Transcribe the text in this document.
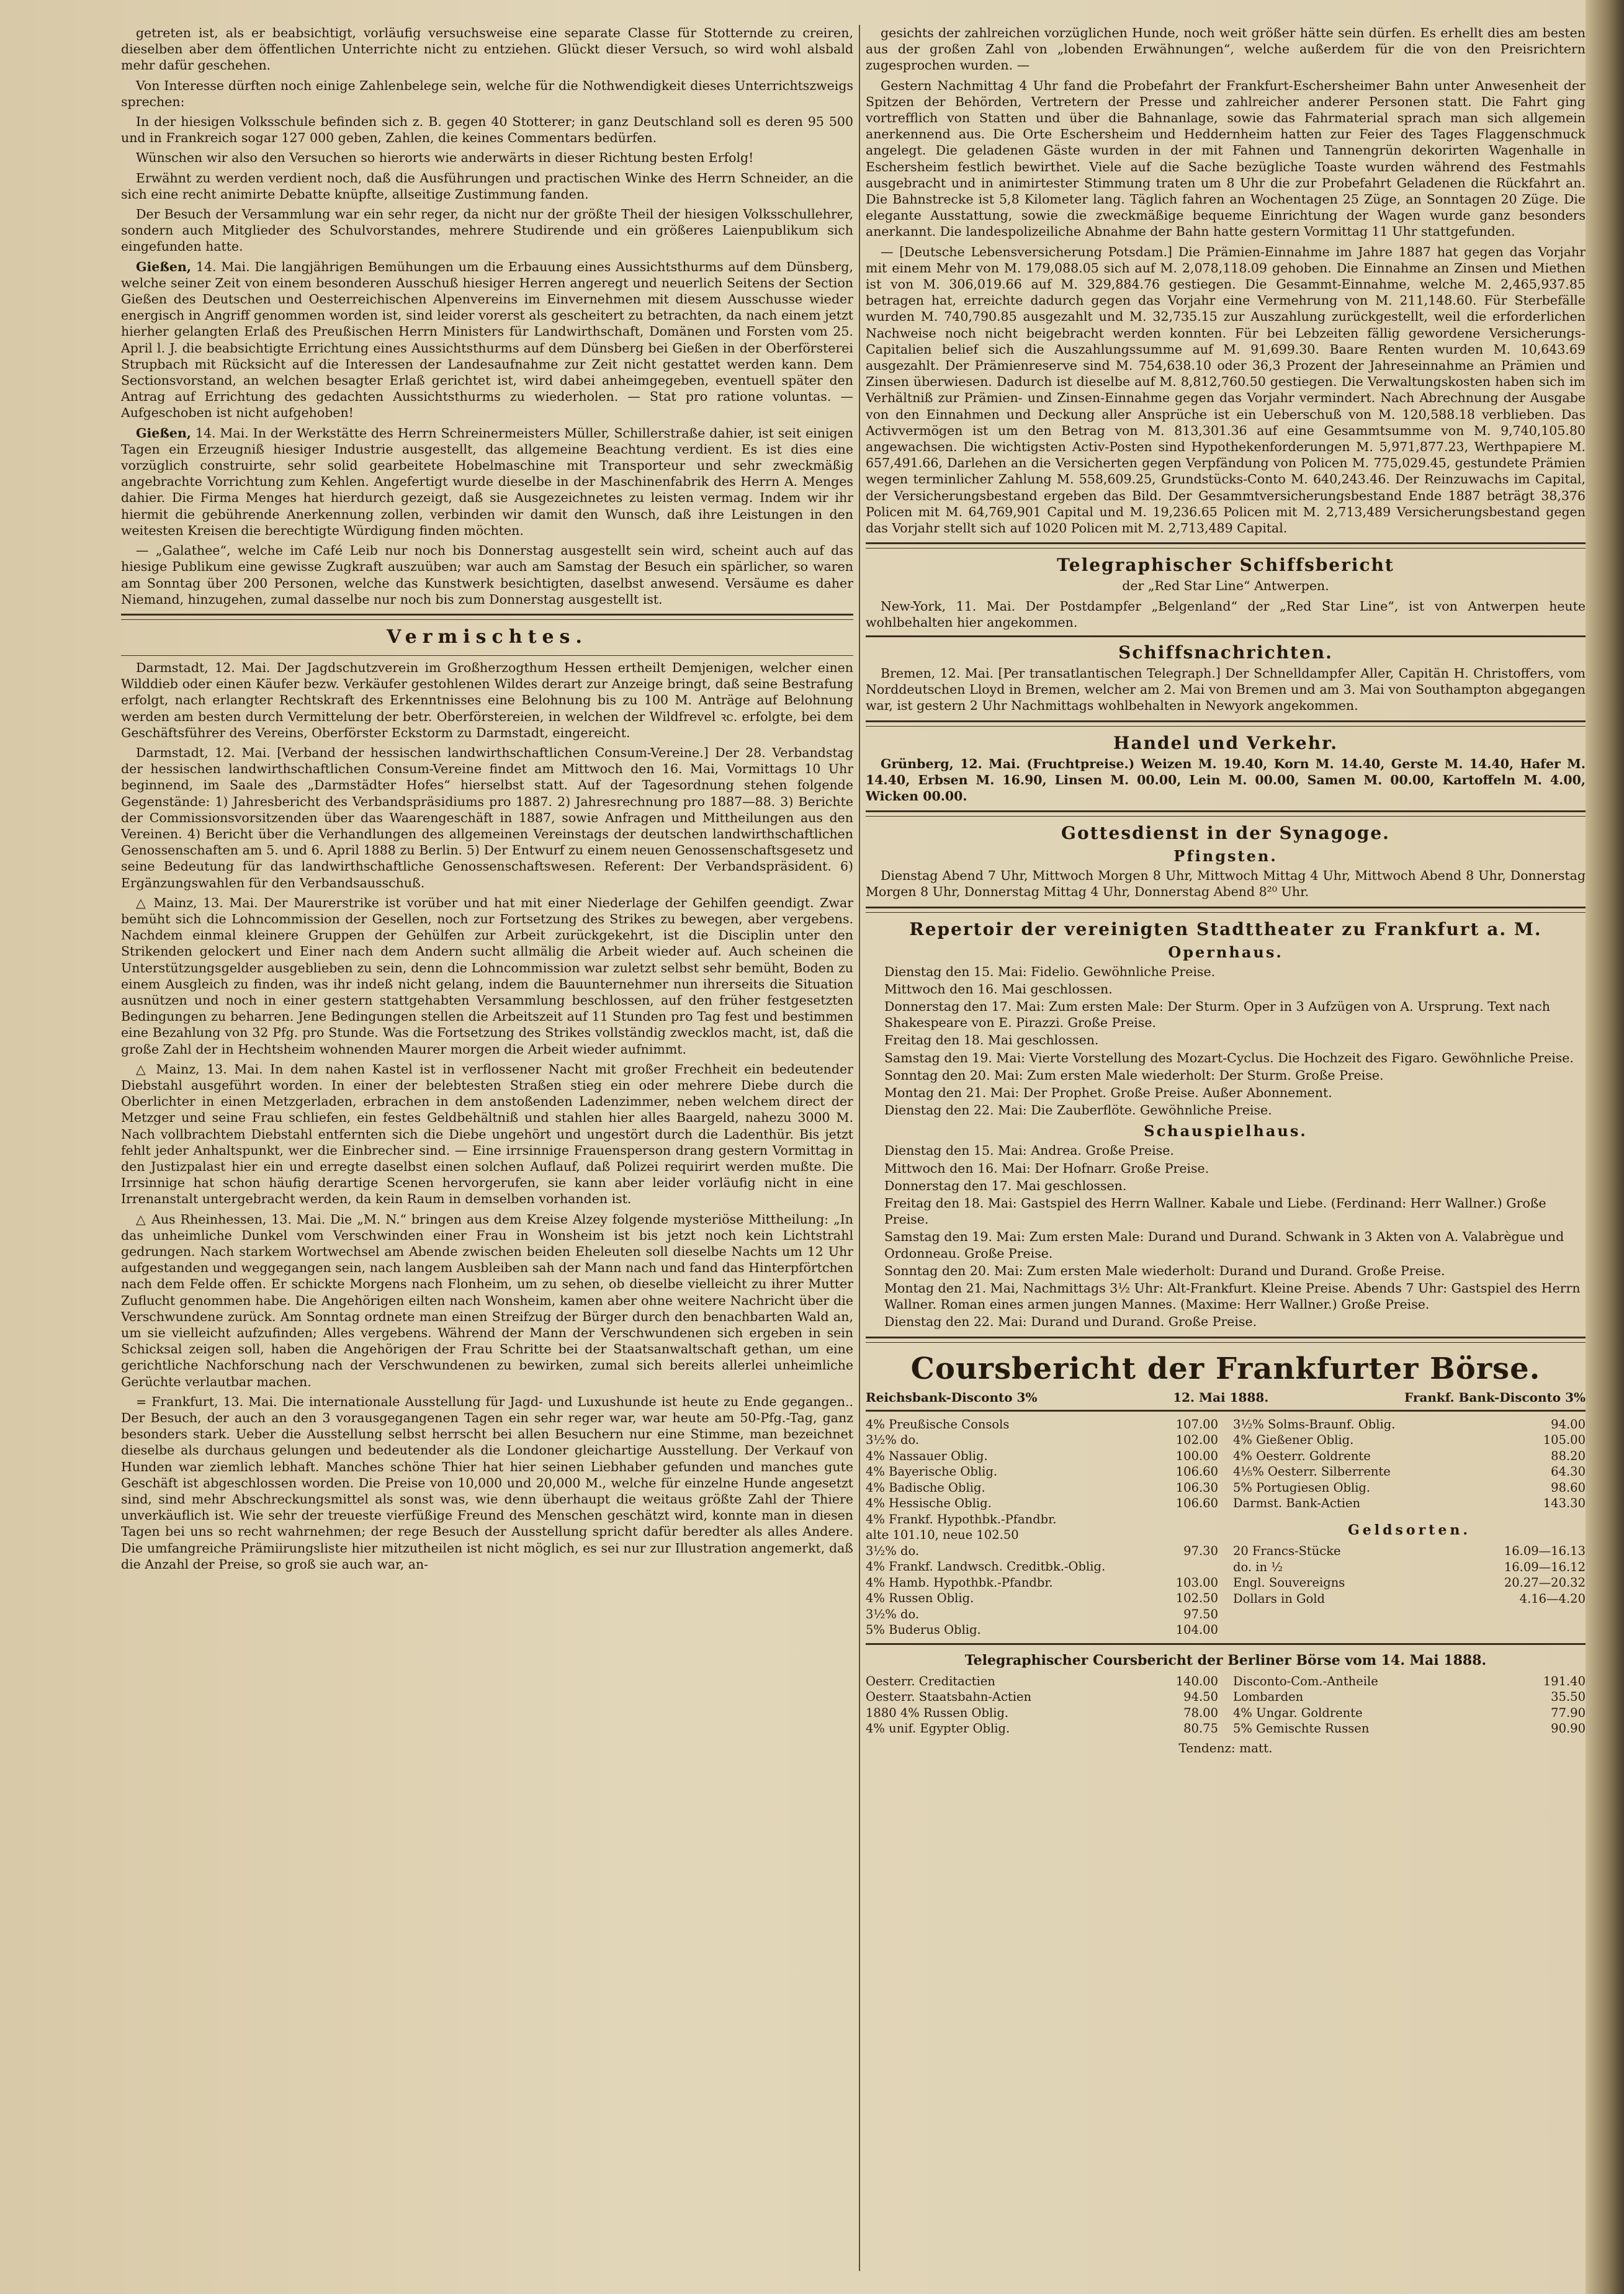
getreten ist, als er beabsichtigt, vorläufig versuchsweise eine separate Classe für Stotternde zu creiren, dieselben aber dem öffentlichen Unterrichte nicht zu entziehen. Glückt dieser Versuch, so wird wohl alsbald mehr dafür geschehen.

Von Interesse dürften noch einige Zahlenbelege sein, welche für die Nothwendigkeit dieses Unterrichtszweigs sprechen:

In der hiesigen Volksschule befinden sich z. B. gegen 40 Stotterer; in ganz Deutschland soll es deren 95 500 und in Frankreich sogar 127 000 geben, Zahlen, die keines Commentars bedürfen.

Wünschen wir also den Versuchen so hierorts wie anderwärts in dieser Richtung besten Erfolg!

Erwähnt zu werden verdient noch, daß die Ausführungen und practischen Winke des Herrn Schneider, an die sich eine recht animirte Debatte knüpfte, allseitige Zustimmung fanden.

Der Besuch der Versammlung war ein sehr reger, da nicht nur der größte Theil der hiesigen Volksschullehrer, sondern auch Mitglieder des Schulvorstandes, mehrere Studirende und ein größeres Laienpublikum sich eingefunden hatte.

Gießen, 14. Mai. Die langjährigen Bemühungen um die Erbauung eines Aussichtsthurms auf dem Dünsberg, welche seiner Zeit von einem besonderen Ausschuß hiesiger Herren angeregt und neuerlich Seitens der Section Gießen des Deutschen und Oesterreichischen Alpenvereins im Einvernehmen mit diesem Ausschusse wieder energisch in Angriff genommen worden ist, sind leider vorerst als gescheitert zu betrachten, da nach einem jetzt hierher gelangten Erlaß des Preußischen Herrn Ministers für Landwirthschaft, Domänen und Forsten vom 25. April l. J. die beabsichtigte Errichtung eines Aussichtsthurms auf dem Dünsberg bei Gießen in der Oberförsterei Strupbach mit Rücksicht auf die Interessen der Landesaufnahme zur Zeit nicht gestattet werden kann. Dem Sectionsvorstand, an welchen besagter Erlaß gerichtet ist, wird dabei anheimgegeben, eventuell später den Antrag auf Errichtung des gedachten Aussichtsthurms zu wiederholen. — Stat pro ratione voluntas. — Aufgeschoben ist nicht aufgehoben!

Gießen, 14. Mai. In der Werkstätte des Herrn Schreinermeisters Müller, Schillerstraße dahier, ist seit einigen Tagen ein Erzeugniß hiesiger Industrie ausgestellt, das allgemeine Beachtung verdient. Es ist dies eine vorzüglich construirte, sehr solid gearbeitete Hobelmaschine mit Transporteur und sehr zweckmäßig angebrachte Vorrichtung zum Kehlen. Angefertigt wurde dieselbe in der Maschinenfabrik des Herrn A. Menges dahier. Die Firma Menges hat hierdurch gezeigt, daß sie Ausgezeichnetes zu leisten vermag. Indem wir ihr hiermit die gebührende Anerkennung zollen, verbinden wir damit den Wunsch, daß ihre Leistungen in den weitesten Kreisen die berechtigte Würdigung finden möchten.

— „Galathee“, welche im Café Leib nur noch bis Donnerstag ausgestellt sein wird, scheint auch auf das hiesige Publikum eine gewisse Zugkraft auszuüben; war auch am Samstag der Besuch ein spärlicher, so waren am Sonntag über 200 Personen, welche das Kunstwerk besichtigten, daselbst anwesend. Versäume es daher Niemand, hinzugehen, zumal dasselbe nur noch bis zum Donnerstag ausgestellt ist.

Vermischtes.

Darmstadt, 12. Mai. Der Jagdschutzverein im Großherzogthum Hessen ertheilt Demjenigen, welcher einen Wilddieb oder einen Käufer bezw. Verkäufer gestohlenen Wildes derart zur Anzeige bringt, daß seine Bestrafung erfolgt, nach erlangter Rechtskraft des Erkenntnisses eine Belohnung bis zu 100 M. Anträge auf Belohnung werden am besten durch Vermittelung der betr. Oberförstereien, in welchen der Wildfrevel ꝛc. erfolgte, bei dem Geschäftsführer des Vereins, Oberförster Eckstorm zu Darmstadt, eingereicht.

Darmstadt, 12. Mai. [Verband der hessischen landwirthschaftlichen Consum-Vereine.] Der 28. Verbandstag der hessischen landwirthschaftlichen Consum-Vereine findet am Mittwoch den 16. Mai, Vormittags 10 Uhr beginnend, im Saale des „Darmstädter Hofes“ hierselbst statt. Auf der Tagesordnung stehen folgende Gegenstände: 1) Jahresbericht des Verbandspräsidiums pro 1887. 2) Jahresrechnung pro 1887—88. 3) Berichte der Commissionsvorsitzenden über das Waarengeschäft in 1887, sowie Anfragen und Mittheilungen aus den Vereinen. 4) Bericht über die Verhandlungen des allgemeinen Vereinstags der deutschen landwirthschaftlichen Genossenschaften am 5. und 6. April 1888 zu Berlin. 5) Der Entwurf zu einem neuen Genossenschaftsgesetz und seine Bedeutung für das landwirthschaftliche Genossenschaftswesen. Referent: Der Verbandspräsident. 6) Ergänzungswahlen für den Verbandsausschuß.

△ Mainz, 13. Mai. Der Maurerstrike ist vorüber und hat mit einer Niederlage der Gehilfen geendigt. Zwar bemüht sich die Lohncommission der Gesellen, noch zur Fortsetzung des Strikes zu bewegen, aber vergebens. Nachdem einmal kleinere Gruppen der Gehülfen zur Arbeit zurückgekehrt, ist die Disciplin unter den Strikenden gelockert und Einer nach dem Andern sucht allmälig die Arbeit wieder auf. Auch scheinen die Unterstützungsgelder ausgeblieben zu sein, denn die Lohncommission war zuletzt selbst sehr bemüht, Boden zu einem Ausgleich zu finden, was ihr indeß nicht gelang, indem die Bauunternehmer nun ihrerseits die Situation ausnützen und noch in einer gestern stattgehabten Versammlung beschlossen, auf den früher festgesetzten Bedingungen zu beharren. Jene Bedingungen stellen die Arbeitszeit auf 11 Stunden pro Tag fest und bestimmen eine Bezahlung von 32 Pfg. pro Stunde. Was die Fortsetzung des Strikes vollständig zwecklos macht, ist, daß die große Zahl der in Hechtsheim wohnenden Maurer morgen die Arbeit wieder aufnimmt.

△ Mainz, 13. Mai. In dem nahen Kastel ist in verflossener Nacht mit großer Frechheit ein bedeutender Diebstahl ausgeführt worden. In einer der belebtesten Straßen stieg ein oder mehrere Diebe durch die Oberlichter in einen Metzgerladen, erbrachen in dem anstoßenden Ladenzimmer, neben welchem direct der Metzger und seine Frau schliefen, ein festes Geldbehältniß und stahlen hier alles Baargeld, nahezu 3000 M. Nach vollbrachtem Diebstahl entfernten sich die Diebe ungehört und ungestört durch die Ladenthür. Bis jetzt fehlt jeder Anhaltspunkt, wer die Einbrecher sind. — Eine irrsinnige Frauensperson drang gestern Vormittag in den Justizpalast hier ein und erregte daselbst einen solchen Auflauf, daß Polizei requirirt werden mußte. Die Irrsinnige hat schon häufig derartige Scenen hervorgerufen, sie kann aber leider vorläufig nicht in eine Irrenanstalt untergebracht werden, da kein Raum in demselben vorhanden ist.

△ Aus Rheinhessen, 13. Mai. Die „M. N.“ bringen aus dem Kreise Alzey folgende mysteriöse Mittheilung: „In das unheimliche Dunkel vom Verschwinden einer Frau in Wonsheim ist bis jetzt noch kein Lichtstrahl gedrungen. Nach starkem Wortwechsel am Abende zwischen beiden Eheleuten soll dieselbe Nachts um 12 Uhr aufgestanden und weggegangen sein, nach langem Ausbleiben sah der Mann nach und fand das Hinterpförtchen nach dem Felde offen. Er schickte Morgens nach Flonheim, um zu sehen, ob dieselbe vielleicht zu ihrer Mutter Zuflucht genommen habe. Die Angehörigen eilten nach Wonsheim, kamen aber ohne weitere Nachricht über die Verschwundene zurück. Am Sonntag ordnete man einen Streifzug der Bürger durch den benachbarten Wald an, um sie vielleicht aufzufinden; Alles vergebens. Während der Mann der Verschwundenen sich ergeben in sein Schicksal zeigen soll, haben die Angehörigen der Frau Schritte bei der Staatsanwaltschaft gethan, um eine gerichtliche Nachforschung nach der Verschwundenen zu bewirken, zumal sich bereits allerlei unheimliche Gerüchte verlautbar machen.

= Frankfurt, 13. Mai. Die internationale Ausstellung für Jagd- und Luxushunde ist heute zu Ende gegangen.. Der Besuch, der auch an den 3 vorausgegangenen Tagen ein sehr reger war, war heute am 50-Pfg.-Tag, ganz besonders stark. Ueber die Ausstellung selbst herrscht bei allen Besuchern nur eine Stimme, man bezeichnet dieselbe als durchaus gelungen und bedeutender als die Londoner gleichartige Ausstellung. Der Verkauf von Hunden war ziemlich lebhaft. Manches schöne Thier hat hier seinen Liebhaber gefunden und manches gute Geschäft ist abgeschlossen worden. Die Preise von 10,000 und 20,000 M., welche für einzelne Hunde angesetzt sind, sind mehr Abschreckungsmittel als sonst was, wie denn überhaupt die weitaus größte Zahl der Thiere unverkäuflich ist. Wie sehr der treueste vierfüßige Freund des Menschen geschätzt wird, konnte man in diesen Tagen bei uns so recht wahrnehmen; der rege Besuch der Ausstellung spricht dafür beredter als alles Andere. Die umfangreiche Prämiirungsliste hier mitzutheilen ist nicht möglich, es sei nur zur Illustration angemerkt, daß die Anzahl der Preise, so groß sie auch war, an-

gesichts der zahlreichen vorzüglichen Hunde, noch weit größer hätte sein dürfen. Es erhellt dies am besten aus der großen Zahl von „lobenden Erwähnungen“, welche außerdem für die von den Preisrichtern zugesprochen wurden. —

Gestern Nachmittag 4 Uhr fand die Probefahrt der Frankfurt-Eschersheimer Bahn unter Anwesenheit der Spitzen der Behörden, Vertretern der Presse und zahlreicher anderer Personen statt. Die Fahrt ging vortrefflich von Statten und über die Bahnanlage, sowie das Fahrmaterial sprach man sich allgemein anerkennend aus. Die Orte Eschersheim und Heddernheim hatten zur Feier des Tages Flaggenschmuck angelegt. Die geladenen Gäste wurden in der mit Fahnen und Tannengrün dekorirten Wagenhalle in Eschersheim festlich bewirthet. Viele auf die Sache bezügliche Toaste wurden während des Festmahls ausgebracht und in animirtester Stimmung traten um 8 Uhr die zur Probefahrt Geladenen die Rückfahrt an. Die Bahnstrecke ist 5,8 Kilometer lang. Täglich fahren an Wochentagen 25 Züge, an Sonntagen 20 Züge. Die elegante Ausstattung, sowie die zweckmäßige bequeme Einrichtung der Wagen wurde ganz besonders anerkannt. Die landespolizeiliche Abnahme der Bahn hatte gestern Vormittag 11 Uhr stattgefunden.

— [Deutsche Lebensversicherung Potsdam.] Die Prämien-Einnahme im Jahre 1887 hat gegen das Vorjahr mit einem Mehr von M. 179,088.05 sich auf M. 2,078,118.09 gehoben. Die Einnahme an Zinsen und Miethen ist von M. 306,019.66 auf M. 329,884.76 gestiegen. Die Gesammt-Einnahme, welche M. 2,465,937.85 betragen hat, erreichte dadurch gegen das Vorjahr eine Vermehrung von M. 211,148.60. Für Sterbefälle wurden M. 740,790.85 ausgezahlt und M. 32,735.15 zur Auszahlung zurückgestellt, weil die erforderlichen Nachweise noch nicht beigebracht werden konnten. Für bei Lebzeiten fällig gewordene Versicherungs-Capitalien belief sich die Auszahlungssumme auf M. 91,699.30. Baare Renten wurden M. 10,643.69 ausgezahlt. Der Prämienreserve sind M. 754,638.10 oder 36,3 Prozent der Jahreseinnahme an Prämien und Zinsen überwiesen. Dadurch ist dieselbe auf M. 8,812,760.50 gestiegen. Die Verwaltungskosten haben sich im Verhältniß zur Prämien- und Zinsen-Einnahme gegen das Vorjahr vermindert. Nach Abrechnung der Ausgabe von den Einnahmen und Deckung aller Ansprüche ist ein Ueberschuß von M. 120,588.18 verblieben. Das Activvermögen ist um den Betrag von M. 813,301.36 auf eine Gesammtsumme von M. 9,740,105.80 angewachsen. Die wichtigsten Activ-Posten sind Hypothekenforderungen M. 5,971,877.23, Werthpapiere M. 657,491.66, Darlehen an die Versicherten gegen Verpfändung von Policen M. 775,029.45, gestundete Prämien wegen terminlicher Zahlung M. 558,609.25, Grundstücks-Conto M. 640,243.46. Der Reinzuwachs im Capital, der Versicherungsbestand ergeben das Bild. Der Gesammtversicherungsbestand Ende 1887 beträgt 38,376 Policen mit M. 64,769,901 Capital und M. 19,236.65 Policen mit M. 2,713,489 Versicherungsbestand gegen das Vorjahr stellt sich auf 1020 Policen mit M. 2,713,489 Capital.

Telegraphischer Schiffsbericht

der „Red Star Line“ Antwerpen.

New-York, 11. Mai. Der Postdampfer „Belgenland“ der „Red Star Line“, ist von Antwerpen heute wohlbehalten hier angekommen.

Schiffsnachrichten.

Bremen, 12. Mai. [Per transatlantischen Telegraph.] Der Schnelldampfer Aller, Capitän H. Christoffers, vom Norddeutschen Lloyd in Bremen, welcher am 2. Mai von Bremen und am 3. Mai von Southampton abgegangen war, ist gestern 2 Uhr Nachmittags wohlbehalten in Newyork angekommen.

Handel und Verkehr.

Grünberg, 12. Mai. (Fruchtpreise.) Weizen M. 19.40, Korn M. 14.40, Gerste M. 14.40, Hafer M. 14.40, Erbsen M. 16.90, Linsen M. 00.00, Lein M. 00.00, Samen M. 00.00, Kartoffeln M. 4.00, Wicken 00.00.

Gottesdienst in der Synagoge.
Pfingsten.

Dienstag Abend 7 Uhr, Mittwoch Morgen 8 Uhr, Mittwoch Mittag 4 Uhr, Mittwoch Abend 8 Uhr, Donnerstag Morgen 8 Uhr, Donnerstag Mittag 4 Uhr, Donnerstag Abend 8²⁰ Uhr.

Repertoir der vereinigten Stadttheater zu Frankfurt a. M.
Opernhaus.
Dienstag den 15. Mai: Fidelio. Gewöhnliche Preise.
Mittwoch den 16. Mai geschlossen.
Donnerstag den 17. Mai: Zum ersten Male: Der Sturm. Oper in 3 Aufzügen von A. Ursprung. Text nach Shakespeare von E. Pirazzi. Große Preise.
Freitag den 18. Mai geschlossen.
Samstag den 19. Mai: Vierte Vorstellung des Mozart-Cyclus. Die Hochzeit des Figaro. Gewöhnliche Preise.
Sonntag den 20. Mai: Zum ersten Male wiederholt: Der Sturm. Große Preise.
Montag den 21. Mai: Der Prophet. Große Preise. Außer Abonnement.
Dienstag den 22. Mai: Die Zauberflöte. Gewöhnliche Preise.
Schauspielhaus.
Dienstag den 15. Mai: Andrea. Große Preise.
Mittwoch den 16. Mai: Der Hofnarr. Große Preise.
Donnerstag den 17. Mai geschlossen.
Freitag den 18. Mai: Gastspiel des Herrn Wallner. Kabale und Liebe. (Ferdinand: Herr Wallner.) Große Preise.
Samstag den 19. Mai: Zum ersten Male: Durand und Durand. Schwank in 3 Akten von A. Valabrègue und Ordonneau. Große Preise.
Sonntag den 20. Mai: Zum ersten Male wiederholt: Durand und Durand. Große Preise.
Montag den 21. Mai, Nachmittags 3½ Uhr: Alt-Frankfurt. Kleine Preise. Abends 7 Uhr: Gastspiel des Herrn Wallner. Roman eines armen jungen Mannes. (Maxime: Herr Wallner.) Große Preise.
Dienstag den 22. Mai: Durand und Durand. Große Preise.
Coursbericht der Frankfurter Börse.
Reichsbank-Disconto 3%	12. Mai 1888.	Frankf. Bank-Disconto 3%
4% Preußische Consols	107.00
3½% do.	102.00
4% Nassauer Oblig.	100.00
4% Bayerische Oblig.	106.60
4% Badische Oblig.	106.30
4% Hessische Oblig.	106.60
4% Frankf. Hypothbk.-Pfandbr.
alte 101.10, neue 102.50
3½% do.	97.30
4% Frankf. Landwsch. Creditbk.-Oblig.
4% Hamb. Hypothbk.-Pfandbr.	103.00
4% Russen Oblig.	102.50
3½% do.	97.50
5% Buderus Oblig.	104.00
3½% Solms-Braunf. Oblig.	94.00
4% Gießener Oblig.	105.00
4% Oesterr. Goldrente	88.20
4⅕% Oesterr. Silberrente	64.30
5% Portugiesen Oblig.	98.60
Darmst. Bank-Actien	143.30
Geldsorten.
20 Francs-Stücke	16.09—16.13
do. in ½	16.09—16.12
Engl. Souvereigns	20.27—20.32
Dollars in Gold	4.16—4.20
Telegraphischer Coursbericht der Berliner Börse vom 14. Mai 1888.
Oesterr. Creditactien	140.00
Oesterr. Staatsbahn-Actien	94.50
1880 4% Russen Oblig.	78.00
4% unif. Egypter Oblig.	80.75
Disconto-Com.-Antheile	191.40
Lombarden	35.50
4% Ungar. Goldrente	77.90
5% Gemischte Russen	90.90
Tendenz: matt.
